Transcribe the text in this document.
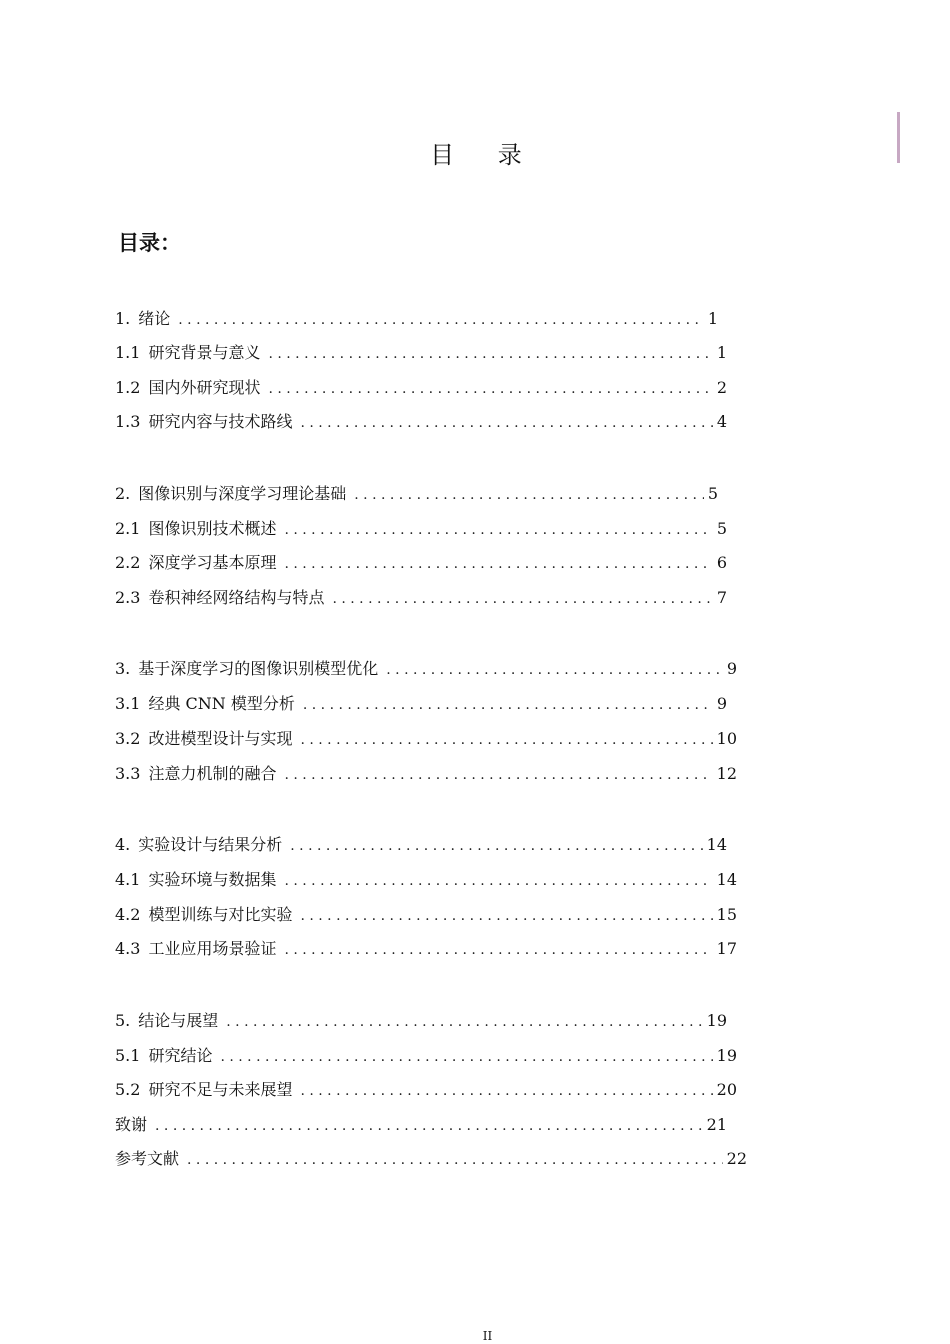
目 录
目录：
1. 绪论 . . .	1
1.1 研究背景与意义 . . .	1
1.2 国内外研究现状 . . .	2
1.3 研究内容与技术路线 . . .	4
2. 图像识别与深度学习理论基础 . . .	5
2.1 图像识别技术概述 . . .	5
2.2 深度学习基本原理 . . .	6
2.3 卷积神经网络结构与特点 . . .	7
3. 基于深度学习的图像识别模型优化 . . .	9
3.1 经典 CNN 模型分析 . . .	9
3.2 改进模型设计与实现 . . .	10
3.3 注意力机制的融合 . . .	12
4. 实验设计与结果分析 . . .	14
4.1 实验环境与数据集 . . .	14
4.2 模型训练与对比实验 . . .	15
4.3 工业应用场景验证 . . .	17
5. 结论与展望 . . .	19
5.1 研究结论 . . .	19
5.2 研究不足与未来展望 . . .	20
致谢 . . .	21
参考文献 . . .	22
II
